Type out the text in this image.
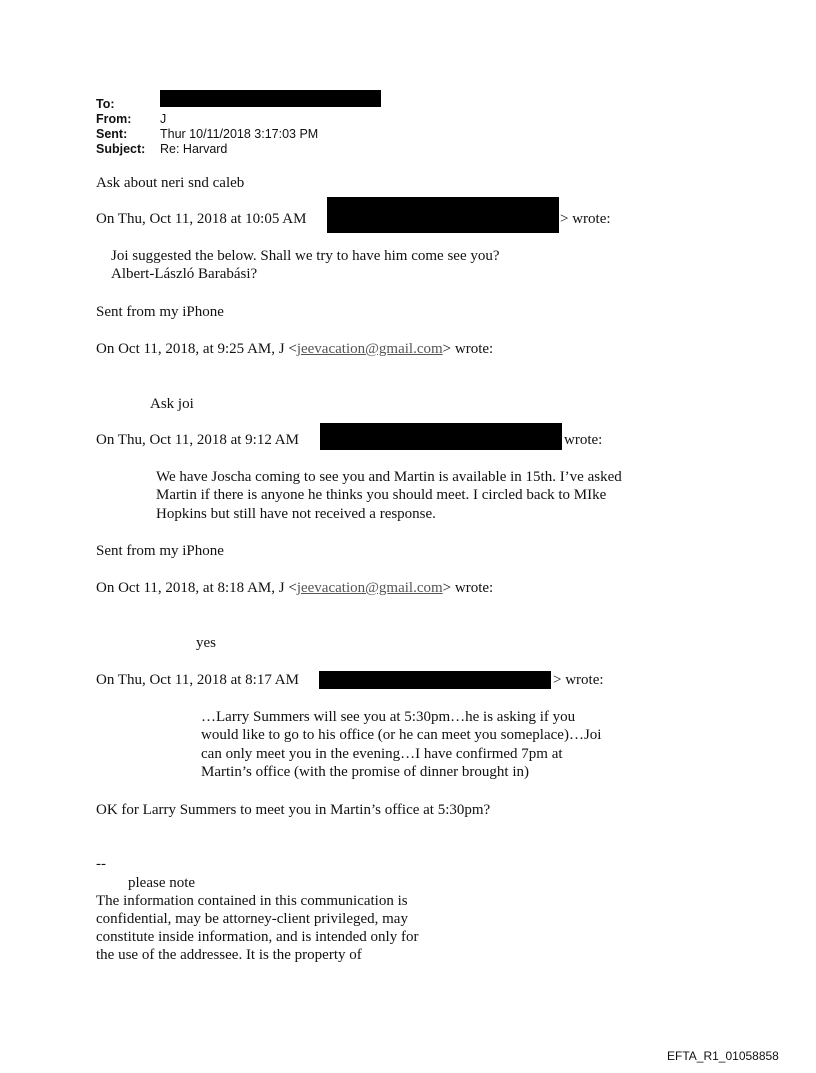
To:
From: J
Sent:	Thur 10/11/2018 3:17:03 PM
Subject: Re: Harvard
Ask about neri snd caleb
On Thu, Oct 11, 2018 at 10:05 AM	> wrote:
Joi suggested the below. Shall we try to have him come see you?
Albert-László Barabási?
Sent from my iPhone
On Oct 11, 2018, at 9:25 AM, J <jeevacation@gmail.com> wrote:
Ask joi
On Thu, Oct 11, 2018 at 9:12 AM	wrote:
We have Joscha coming to see you and Martin is available in 15th. I’ve asked
Martin if there is anyone he thinks you should meet. I circled back to MIke
Hopkins but still have not received a response.
Sent from my iPhone
On Oct 11, 2018, at 8:18 AM, J <jeevacation@gmail.com> wrote:
yes
On Thu, Oct 11, 2018 at 8:17 AM	> wrote:
…Larry Summers will see you at 5:30pm…he is asking if you
would like to go to his office (or he can meet you someplace)…Joi
can only meet you in the evening…I have confirmed 7pm at
Martin’s office (with the promise of dinner brought in)
OK for Larry Summers to meet you in Martin’s office at 5:30pm?
--
please note
The information contained in this communication is
confidential, may be attorney-client privileged, may
constitute inside information, and is intended only for
the use of the addressee. It is the property of
EFTA_R1_01058858
